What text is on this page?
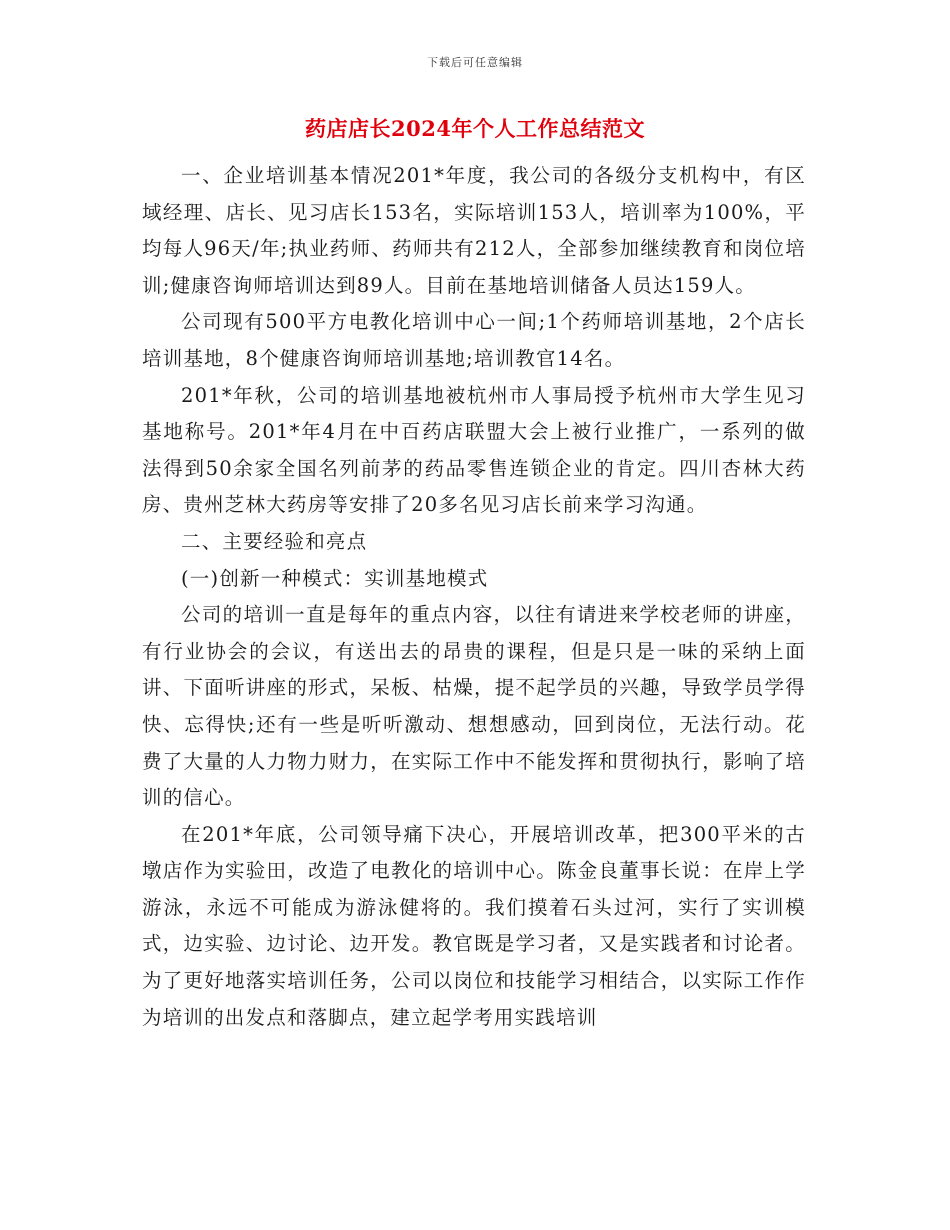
下载后可任意编辑
药店店长2024年个人工作总结范文

一、企业培训基本情况201*年度，我公司的各级分支机构中，有区域经理、店长、见习店长153名，实际培训153人，培训率为100%，平均每人96天/年;执业药师、药师共有212人，全部参加继续教育和岗位培训;健康咨询师培训达到89人。目前在基地培训储备人员达159人。

公司现有500平方电教化培训中心一间;1个药师培训基地，2个店长培训基地，8个健康咨询师培训基地;培训教官14名。

201*年秋，公司的培训基地被杭州市人事局授予杭州市大学生见习基地称号。201*年4月在中百药店联盟大会上被行业推广，一系列的做法得到50余家全国名列前茅的药品零售连锁企业的肯定。四川杏林大药房、贵州芝林大药房等安排了20多名见习店长前来学习沟通。

二、主要经验和亮点

(一)创新一种模式：实训基地模式

公司的培训一直是每年的重点内容，以往有请进来学校老师的讲座，有行业协会的会议，有送出去的昂贵的课程，但是只是一味的采纳上面讲、下面听讲座的形式，呆板、枯燥，提不起学员的兴趣，导致学员学得快、忘得快;还有一些是听听激动、想想感动，回到岗位，无法行动。花费了大量的人力物力财力，在实际工作中不能发挥和贯彻执行，影响了培训的信心。

在201*年底，公司领导痛下决心，开展培训改革，把300平米的古墩店作为实验田，改造了电教化的培训中心。陈金良董事长说：在岸上学游泳，永远不可能成为游泳健将的。我们摸着石头过河，实行了实训模式，边实验、边讨论、边开发。教官既是学习者，又是实践者和讨论者。为了更好地落实培训任务，公司以岗位和技能学习相结合，以实际工作作为培训的出发点和落脚点，建立起学考用实践培训
